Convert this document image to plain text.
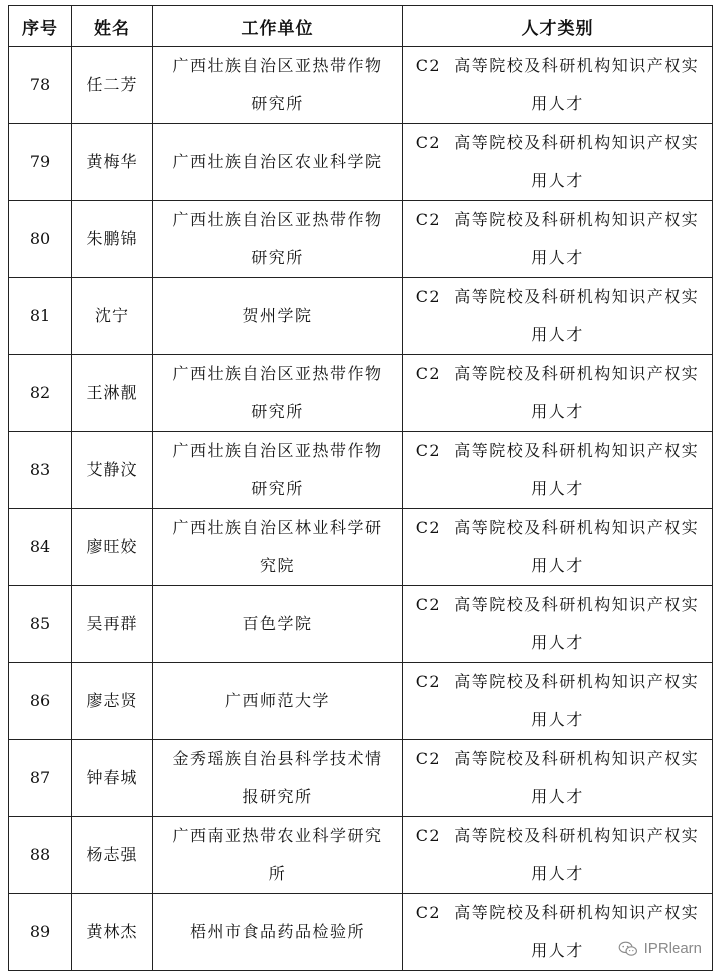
序号	姓名	工作单位	人才类别
78	任二芳	广西壮族自治区亚热带作物研究所	C2  高等院校及科研机构知识产权实用人才

79	黄梅华	广西壮族自治区农业科学院	C2  高等院校及科研机构知识产权实用人才

80	朱鹏锦	广西壮族自治区亚热带作物研究所	C2  高等院校及科研机构知识产权实用人才

81	沈宁	贺州学院	C2  高等院校及科研机构知识产权实用人才

82	王淋靓	广西壮族自治区亚热带作物研究所	C2  高等院校及科研机构知识产权实用人才

83	艾静汶	广西壮族自治区亚热带作物研究所	C2  高等院校及科研机构知识产权实用人才

84	廖旺姣	广西壮族自治区林业科学研究院	C2  高等院校及科研机构知识产权实用人才

85	吴再群	百色学院	C2  高等院校及科研机构知识产权实用人才

86	廖志贤	广西师范大学	C2  高等院校及科研机构知识产权实用人才

87	钟春城	金秀瑶族自治县科学技术情报研究所	C2  高等院校及科研机构知识产权实用人才

88	杨志强	广西南亚热带农业科学研究所	C2  高等院校及科研机构知识产权实用人才

89	黄林杰	梧州市食品药品检验所	C2  高等院校及科研机构知识产权实用人才	IPRlearn
